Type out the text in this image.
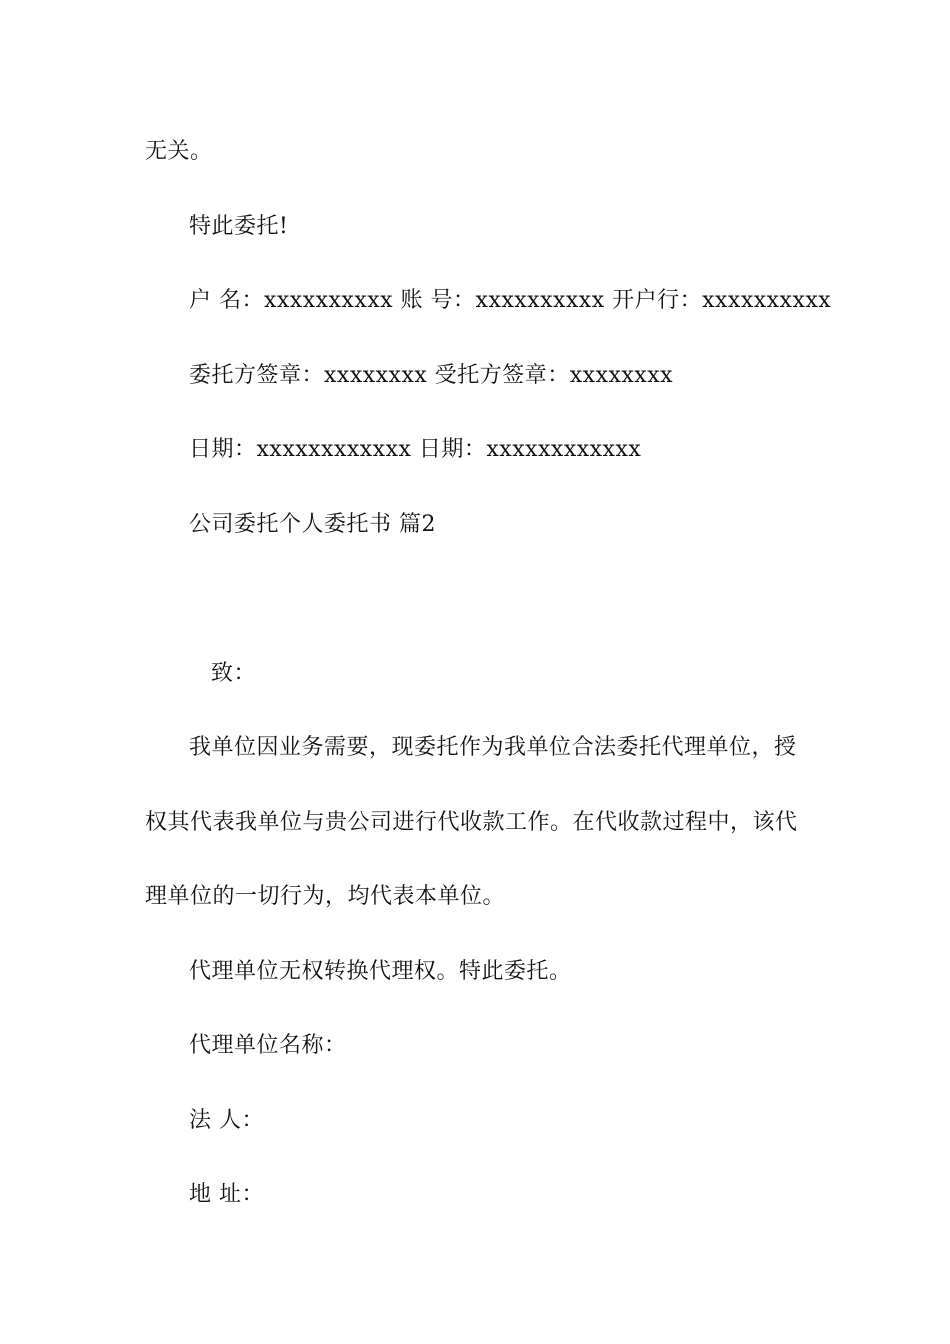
无关。
特此委托!
户 名：xxxxxxxxxx 账 号：xxxxxxxxxx 开户行：xxxxxxxxxx
委托方签章：xxxxxxxx 受托方签章：xxxxxxxx
日期：xxxxxxxxxxxx 日期：xxxxxxxxxxxx
公司委托个人委托书 篇2
致：
我单位因业务需要，现委托作为我单位合法委托代理单位，授
权其代表我单位与贵公司进行代收款工作。在代收款过程中，该代
理单位的一切行为，均代表本单位。
代理单位无权转换代理权。特此委托。
代理单位名称：
法 人：
地 址：
